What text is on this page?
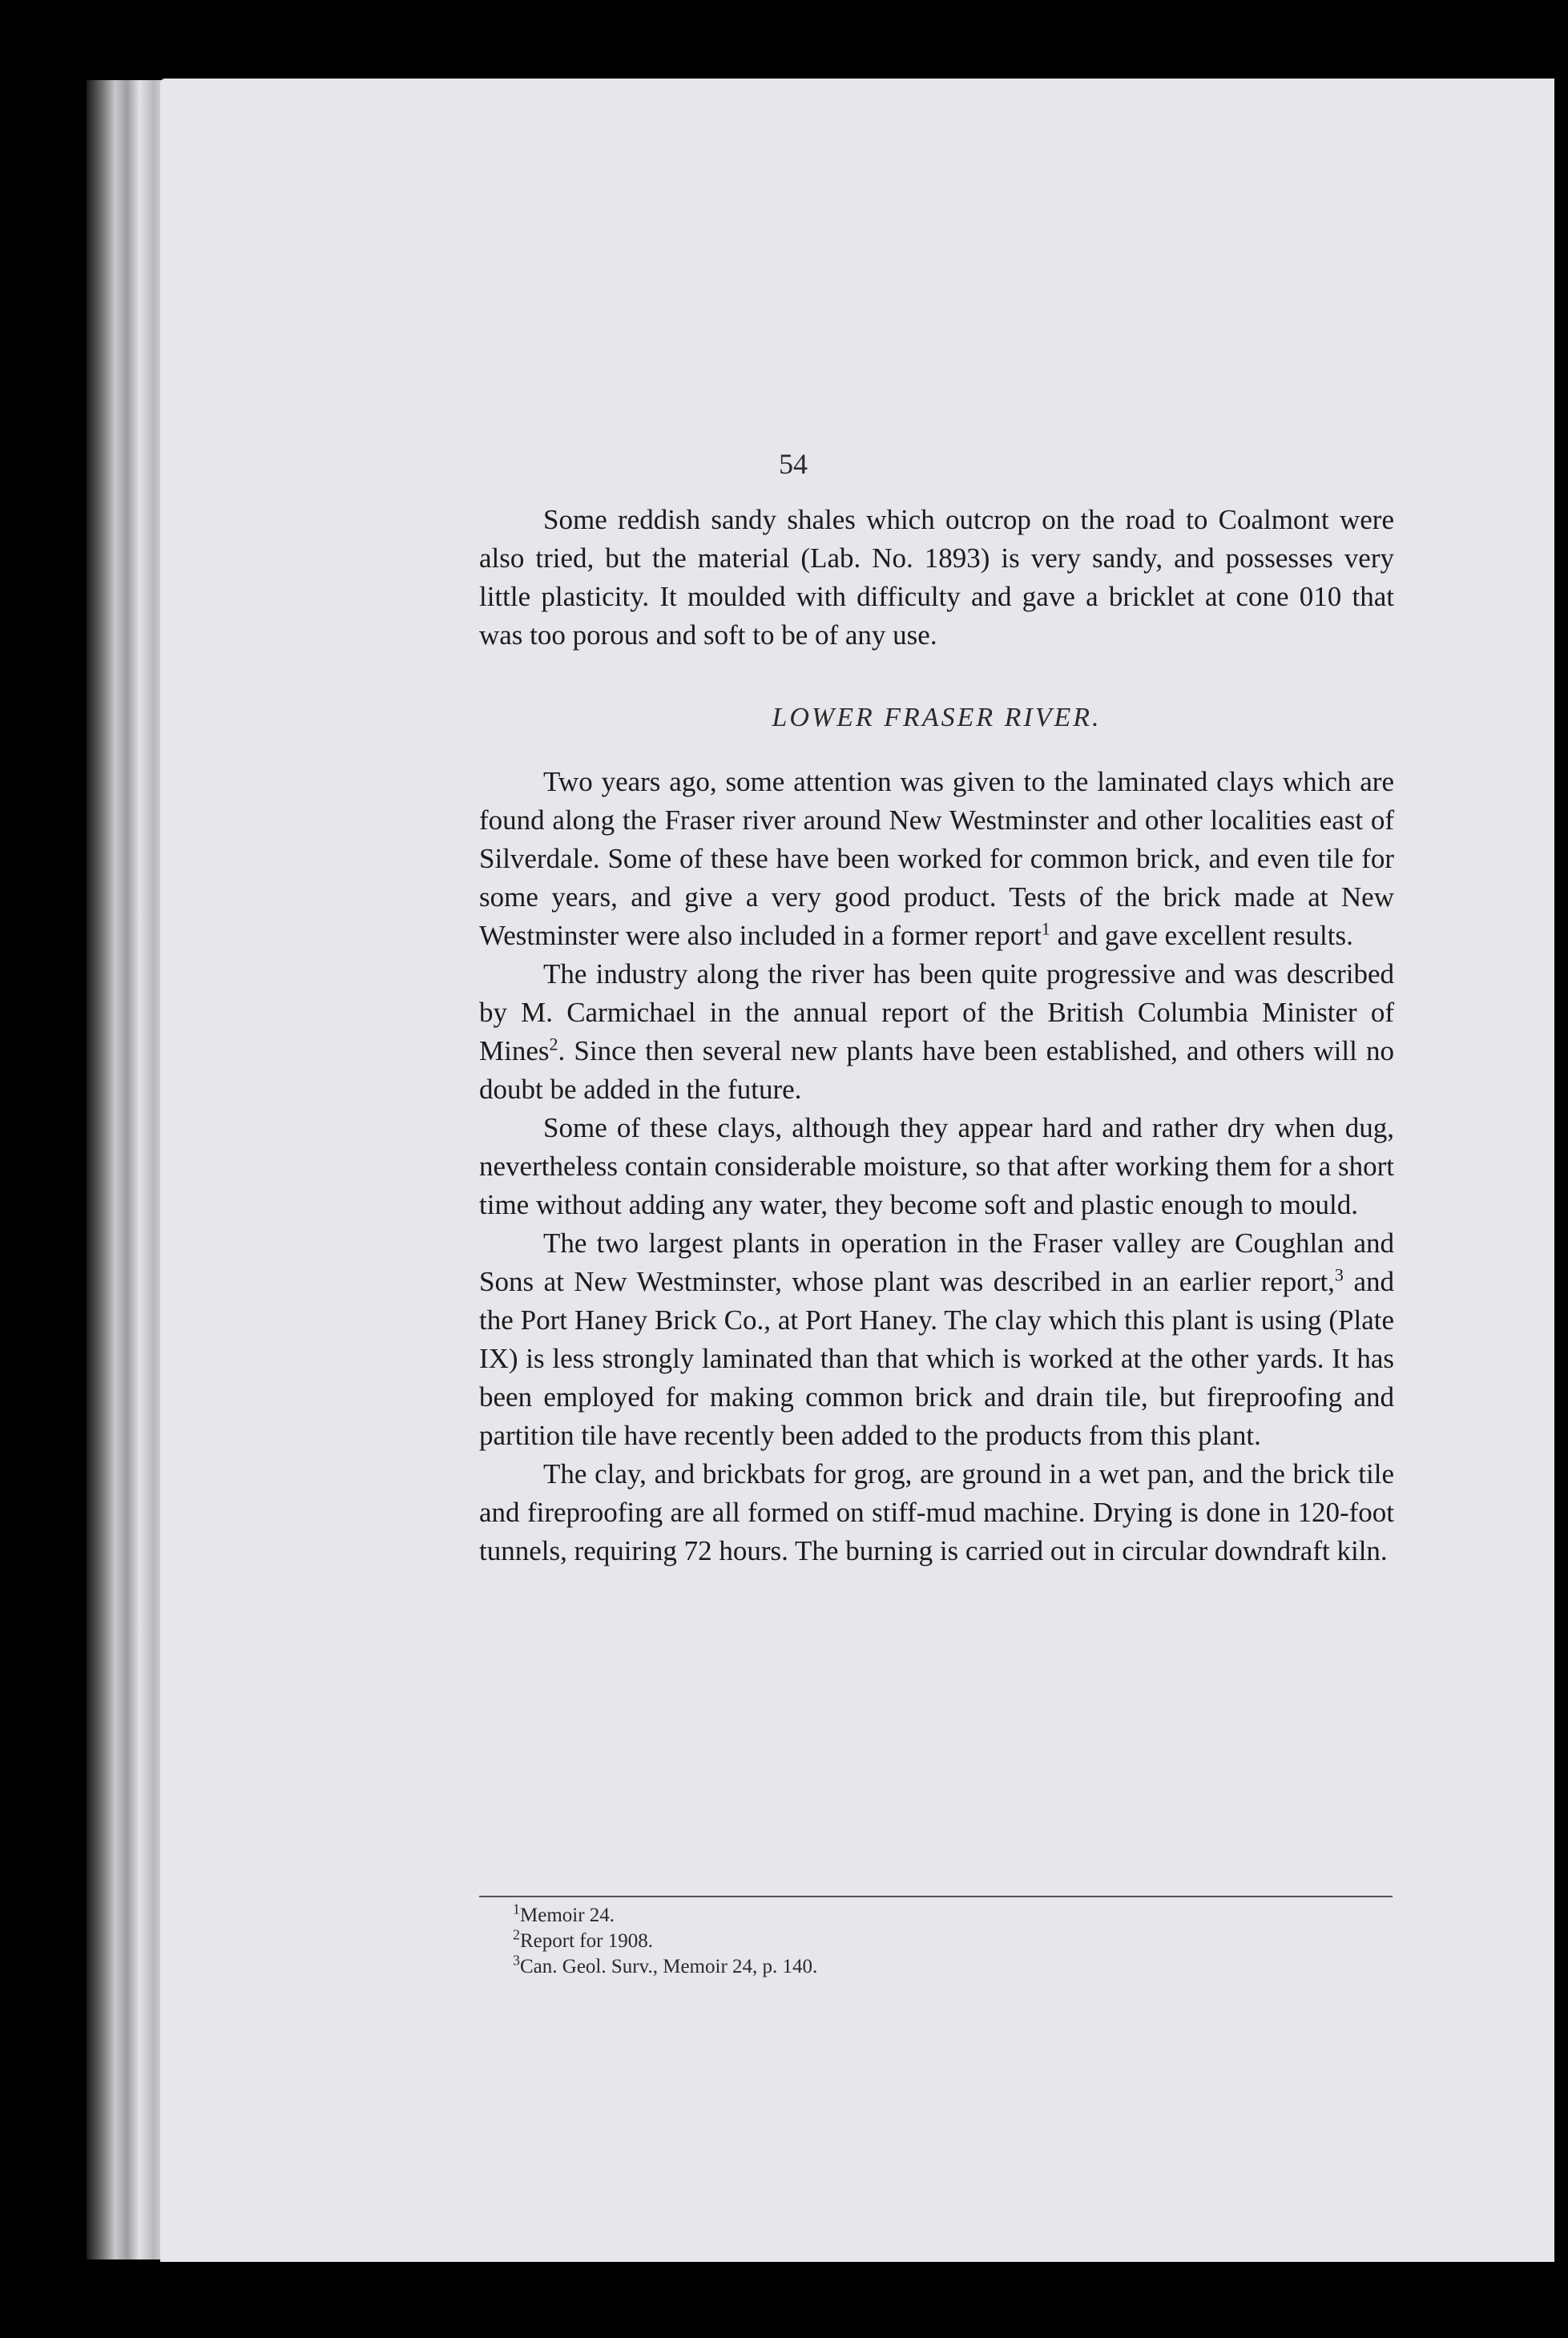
54

Some reddish sandy shales which outcrop on the road to Coalmont were also tried, but the material (Lab. No. 1893) is very sandy, and possesses very little plasticity. It moulded with difficulty and gave a bricklet at cone 010 that was too porous and soft to be of any use.

LOWER FRASER RIVER.

Two years ago, some attention was given to the laminated clays which are found along the Fraser river around New Westminster and other localities east of Silverdale. Some of these have been worked for common brick, and even tile for some years, and give a very good product. Tests of the brick made at New Westminster were also included in a former report$^1$ and gave excellent results.

The industry along the river has been quite progressive and was described by M. Carmichael in the annual report of the British Columbia Minister of Mines$^2$. Since then several new plants have been established, and others will no doubt be added in the future.

Some of these clays, although they appear hard and rather dry when dug, nevertheless contain considerable moisture, so that after working them for a short time without adding any water, they become soft and plastic enough to mould.

The two largest plants in operation in the Fraser valley are Coughlan and Sons at New Westminster, whose plant was described in an earlier report,$^3$ and the Port Haney Brick Co., at Port Haney. The clay which this plant is using (Plate IX) is less strongly laminated than that which is worked at the other yards. It has been employed for making common brick and drain tile, but fireproofing and partition tile have recently been added to the products from this plant.

The clay, and brickbats for grog, are ground in a wet pan, and the brick tile and fireproofing are all formed on stiff-mud machine. Drying is done in 120-foot tunnels, requiring 72 hours. The burning is carried out in circular downdraft kiln.

$^1$Memoir 24.

$^2$Report for 1908.

$^3$Can. Geol. Surv., Memoir 24, p. 140.
